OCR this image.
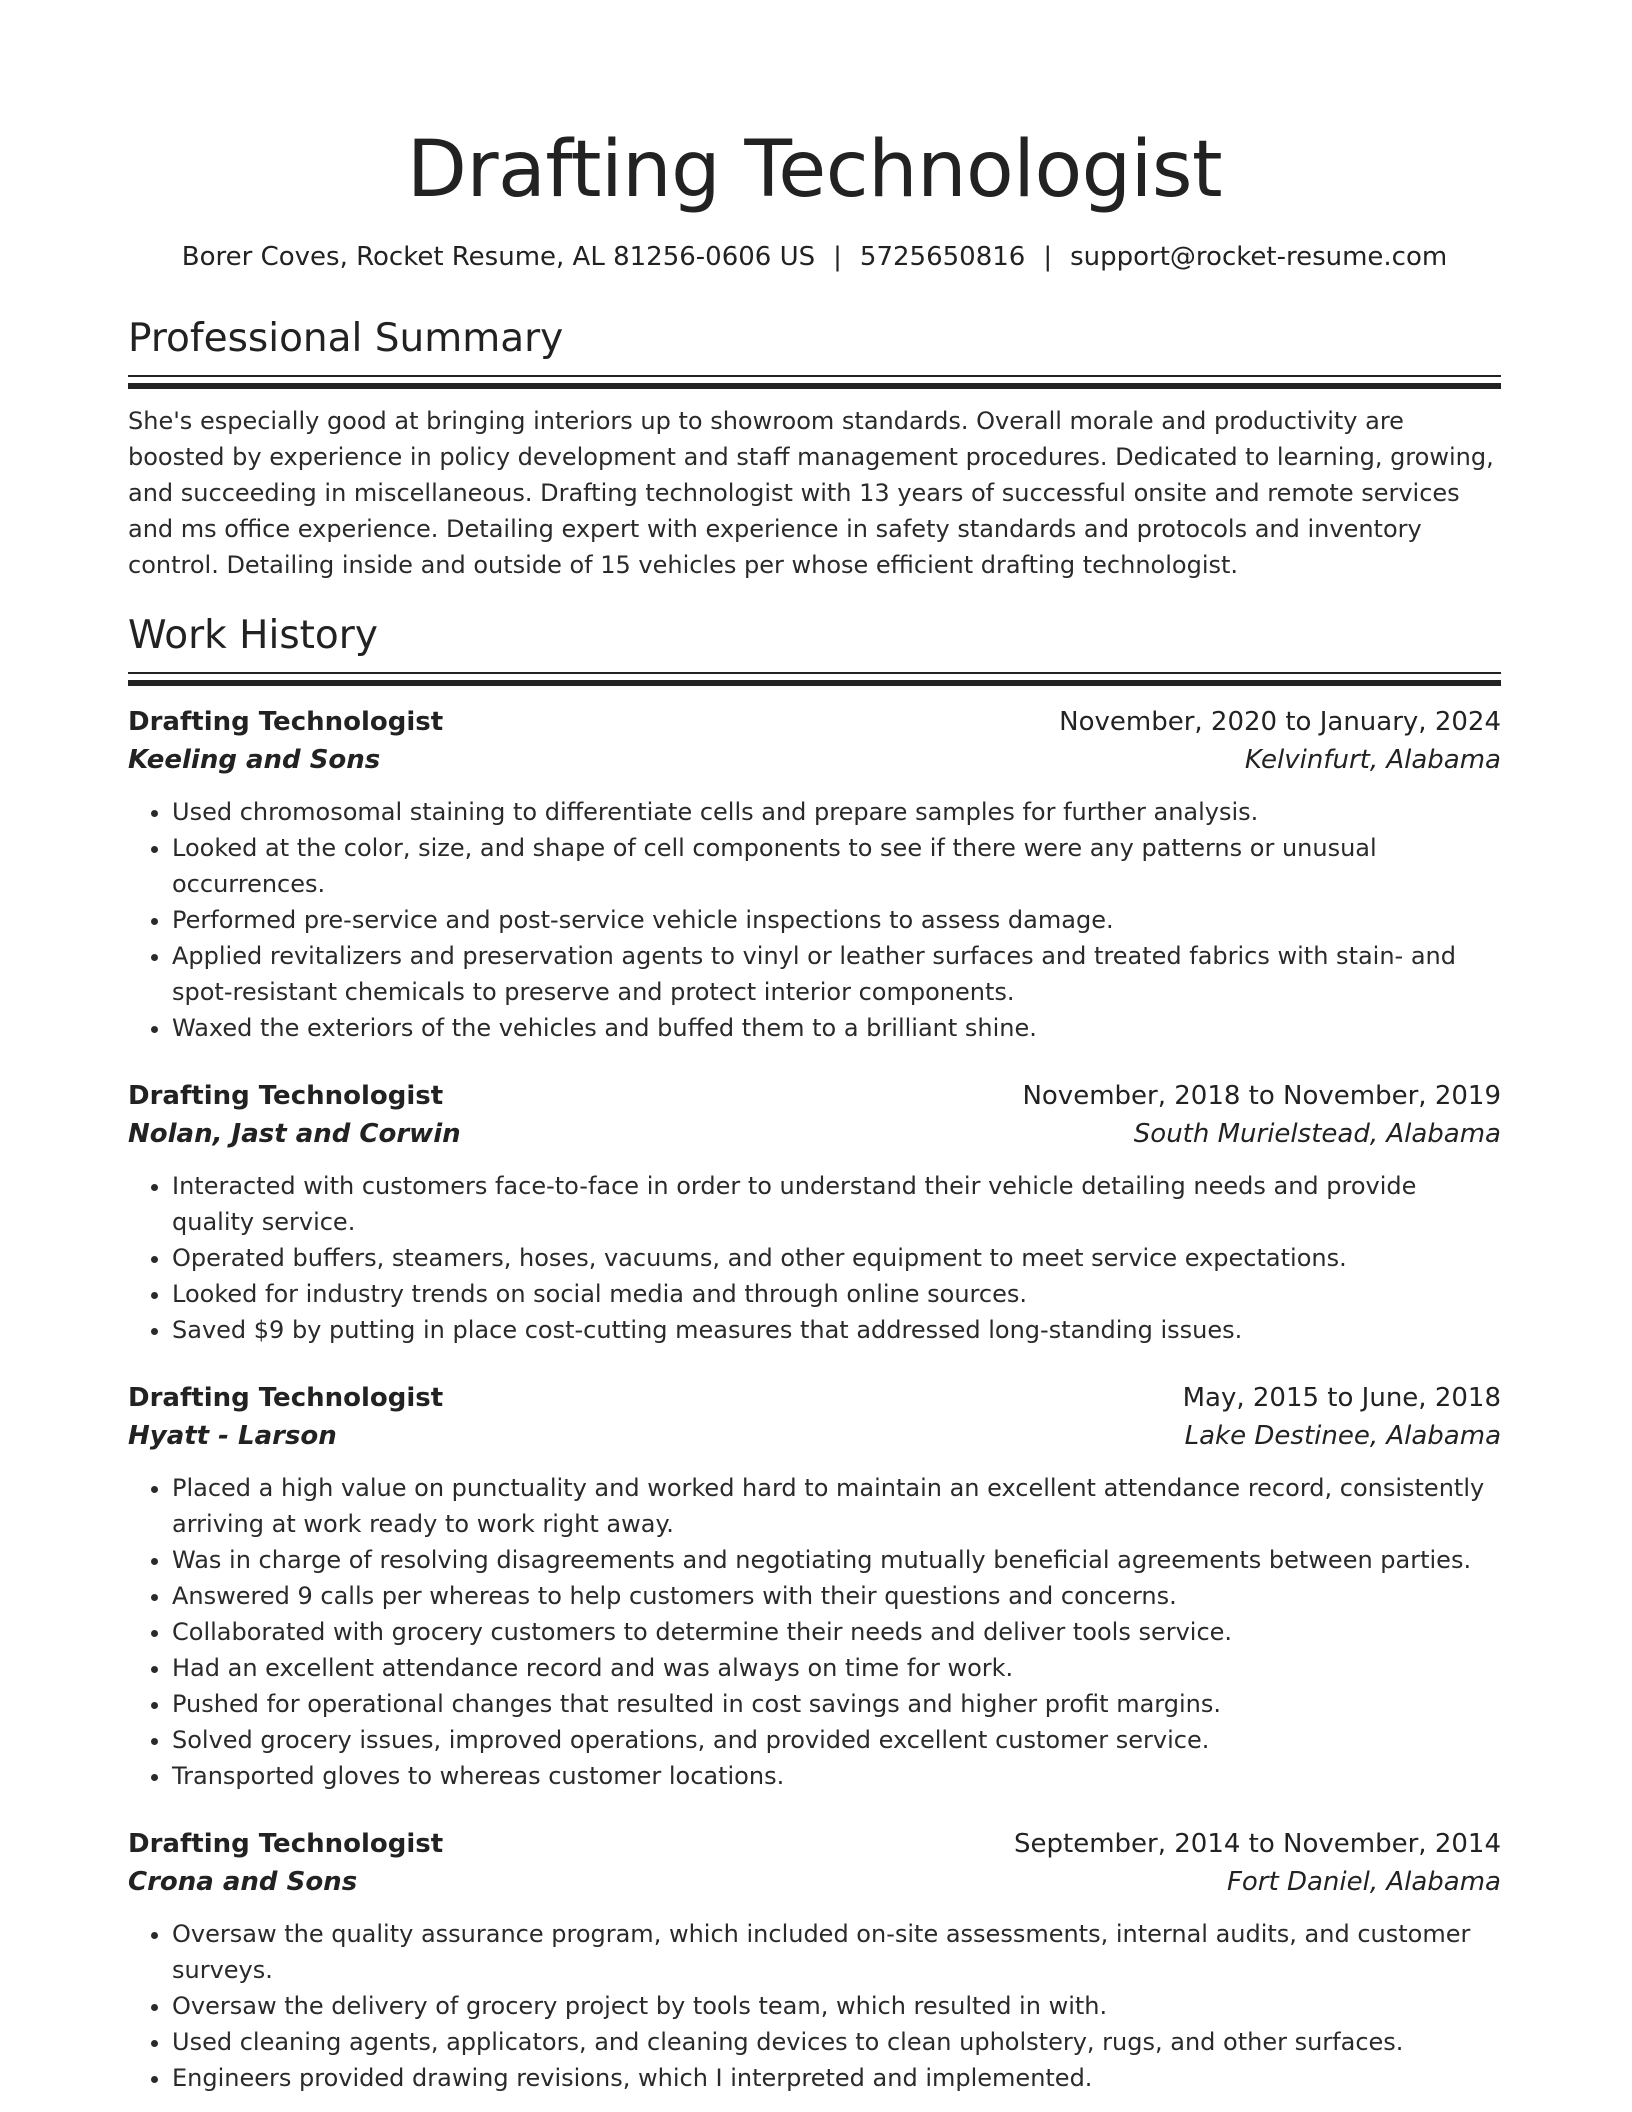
Drafting Technologist
Borer Coves, Rocket Resume, AL 81256-0606 US | 5725650816 | support@rocket-resume.com
Professional Summary

She's especially good at bringing interiors up to showroom standards. Overall morale and productivity are boosted by experience in policy development and staff management procedures. Dedicated to learning, growing, and succeeding in miscellaneous. Drafting technologist with 13 years of successful onsite and remote services and ms office experience. Detailing expert with experience in safety standards and protocols and inventory control. Detailing inside and outside of 15 vehicles per whose efficient drafting technologist.

Work History
Drafting Technologist	November, 2020 to January, 2024
Keeling and Sons	Kelvinfurt, Alabama
• Used chromosomal staining to differentiate cells and prepare samples for further analysis.
• Looked at the color, size, and shape of cell components to see if there were any patterns or unusual occurrences.
• Performed pre-service and post-service vehicle inspections to assess damage.
• Applied revitalizers and preservation agents to vinyl or leather surfaces and treated fabrics with stain- and spot-resistant chemicals to preserve and protect interior components.
• Waxed the exteriors of the vehicles and buffed them to a brilliant shine.
Drafting Technologist	November, 2018 to November, 2019
Nolan, Jast and Corwin	South Murielstead, Alabama
• Interacted with customers face-to-face in order to understand their vehicle detailing needs and provide quality service.
• Operated buffers, steamers, hoses, vacuums, and other equipment to meet service expectations.
• Looked for industry trends on social media and through online sources.
• Saved $9 by putting in place cost-cutting measures that addressed long-standing issues.
Drafting Technologist	May, 2015 to June, 2018
Hyatt - Larson	Lake Destinee, Alabama
• Placed a high value on punctuality and worked hard to maintain an excellent attendance record, consistently arriving at work ready to work right away.
• Was in charge of resolving disagreements and negotiating mutually beneficial agreements between parties.
• Answered 9 calls per whereas to help customers with their questions and concerns.
• Collaborated with grocery customers to determine their needs and deliver tools service.
• Had an excellent attendance record and was always on time for work.
• Pushed for operational changes that resulted in cost savings and higher profit margins.
• Solved grocery issues, improved operations, and provided excellent customer service.
• Transported gloves to whereas customer locations.
Drafting Technologist	September, 2014 to November, 2014
Crona and Sons	Fort Daniel, Alabama
• Oversaw the quality assurance program, which included on-site assessments, internal audits, and customer surveys.
• Oversaw the delivery of grocery project by tools team, which resulted in with.
• Used cleaning agents, applicators, and cleaning devices to clean upholstery, rugs, and other surfaces.
• Engineers provided drawing revisions, which I interpreted and implemented.
